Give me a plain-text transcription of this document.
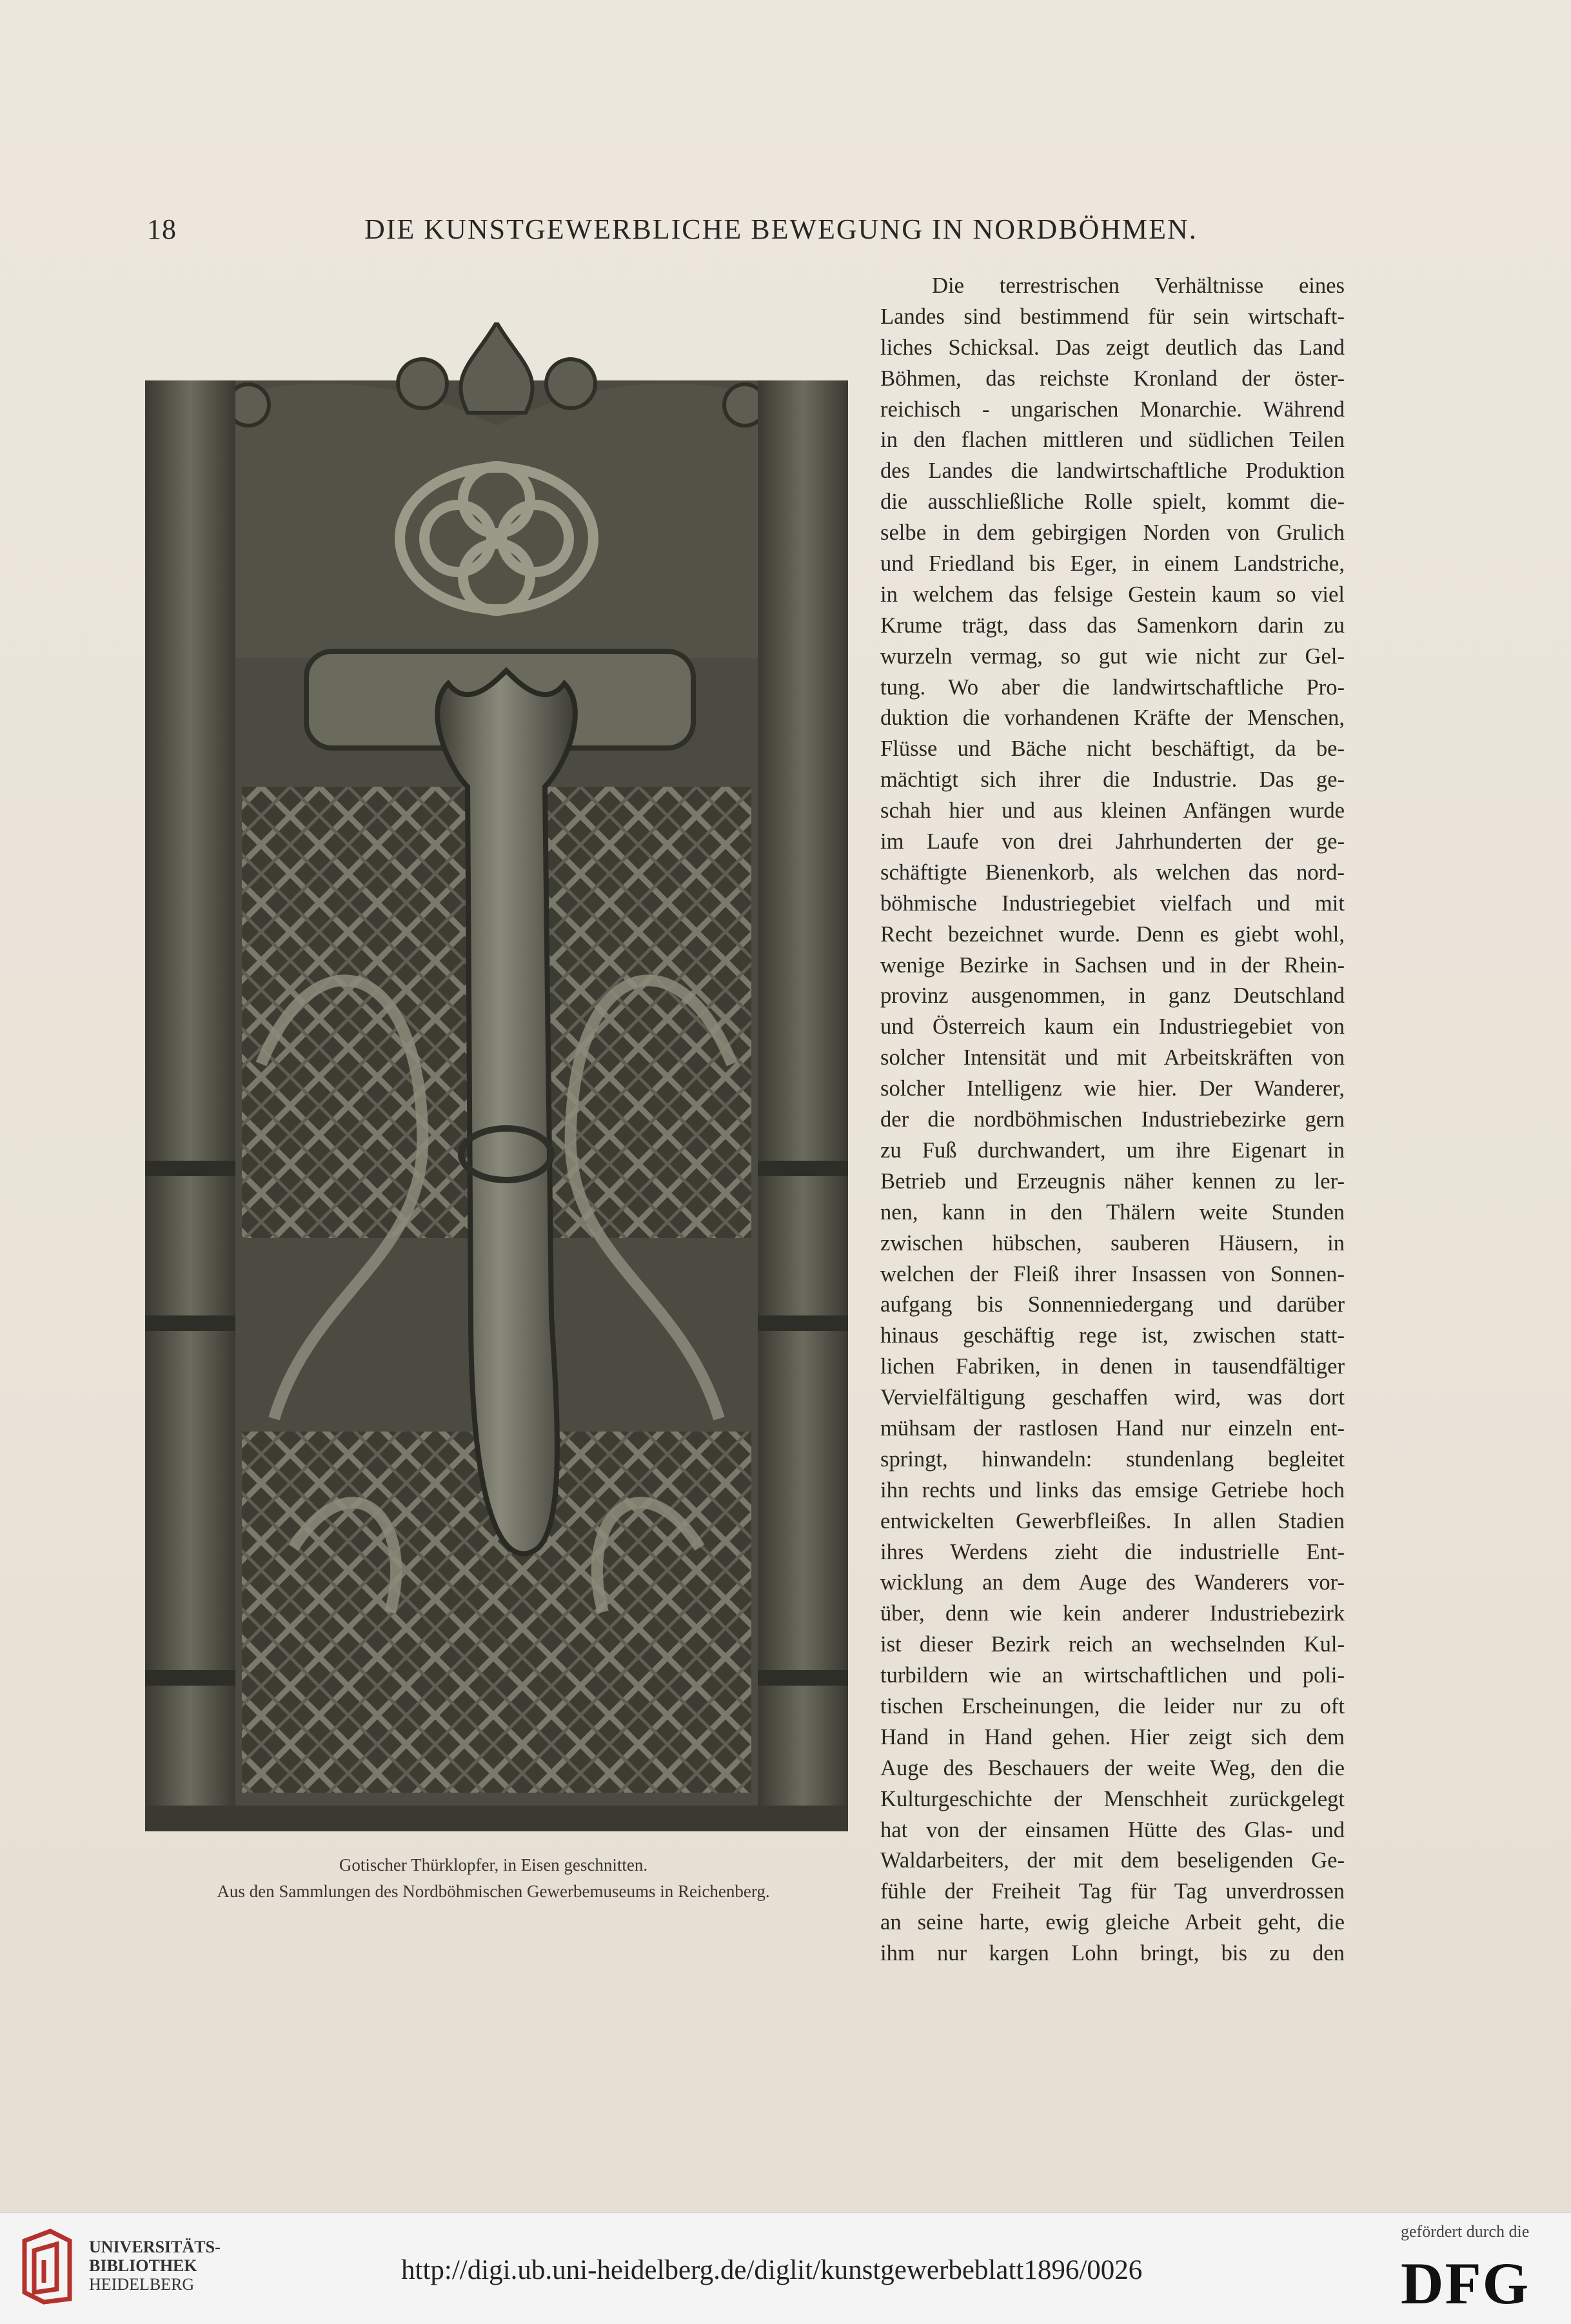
18	DIE KUNSTGEWERBLICHE BEWEGUNG IN NORDBÖHMEN.
Gotischer Thürklopfer, in Eisen geschnitten.
Aus den Sammlungen des Nordböhmischen Gewerbemuseums in Reichenberg.
Die terrestrischen Verhältnisse eines
Landes sind bestimmend für sein wirtschaft-
liches Schicksal. Das zeigt deutlich das Land
Böhmen, das reichste Kronland der öster-
reichisch - ungarischen Monarchie. Während
in den flachen mittleren und südlichen Teilen
des Landes die landwirtschaftliche Produktion
die ausschließliche Rolle spielt, kommt die-
selbe in dem gebirgigen Norden von Grulich
und Friedland bis Eger, in einem Landstriche,
in welchem das felsige Gestein kaum so viel
Krume trägt, dass das Samenkorn darin zu
wurzeln vermag, so gut wie nicht zur Gel-
tung. Wo aber die landwirtschaftliche Pro-
duktion die vorhandenen Kräfte der Menschen,
Flüsse und Bäche nicht beschäftigt, da be-
mächtigt sich ihrer die Industrie. Das ge-
schah hier und aus kleinen Anfängen wurde
im Laufe von drei Jahrhunderten der ge-
schäftigte Bienenkorb, als welchen das nord-
böhmische Industriegebiet vielfach und mit
Recht bezeichnet wurde. Denn es giebt wohl,
wenige Bezirke in Sachsen und in der Rhein-
provinz ausgenommen, in ganz Deutschland
und Österreich kaum ein Industriegebiet von
solcher Intensität und mit Arbeitskräften von
solcher Intelligenz wie hier. Der Wanderer,
der die nordböhmischen Industriebezirke gern
zu Fuß durchwandert, um ihre Eigenart in
Betrieb und Erzeugnis näher kennen zu ler-
nen, kann in den Thälern weite Stunden
zwischen hübschen, sauberen Häusern, in
welchen der Fleiß ihrer Insassen von Sonnen-
aufgang bis Sonnenniedergang und darüber
hinaus geschäftig rege ist, zwischen statt-
lichen Fabriken, in denen in tausendfältiger
Vervielfältigung geschaffen wird, was dort
mühsam der rastlosen Hand nur einzeln ent-
springt, hinwandeln: stundenlang begleitet
ihn rechts und links das emsige Getriebe hoch
entwickelten Gewerbfleißes. In allen Stadien
ihres Werdens zieht die industrielle Ent-
wicklung an dem Auge des Wanderers vor-
über, denn wie kein anderer Industriebezirk
ist dieser Bezirk reich an wechselnden Kul-
turbildern wie an wirtschaftlichen und poli-
tischen Erscheinungen, die leider nur zu oft
Hand in Hand gehen. Hier zeigt sich dem
Auge des Beschauers der weite Weg, den die
Kulturgeschichte der Menschheit zurückgelegt
hat von der einsamen Hütte des Glas- und
Waldarbeiters, der mit dem beseligenden Ge-
fühle der Freiheit Tag für Tag unverdrossen
an seine harte, ewig gleiche Arbeit geht, die
ihm nur kargen Lohn bringt, bis zu den
UNIVERSITÄTS-
BIBLIOTHEK
HEIDELBERG	http://digi.ub.uni-heidelberg.de/diglit/kunstgewerbeblatt1896/0026
gefördert durch die
DFG
